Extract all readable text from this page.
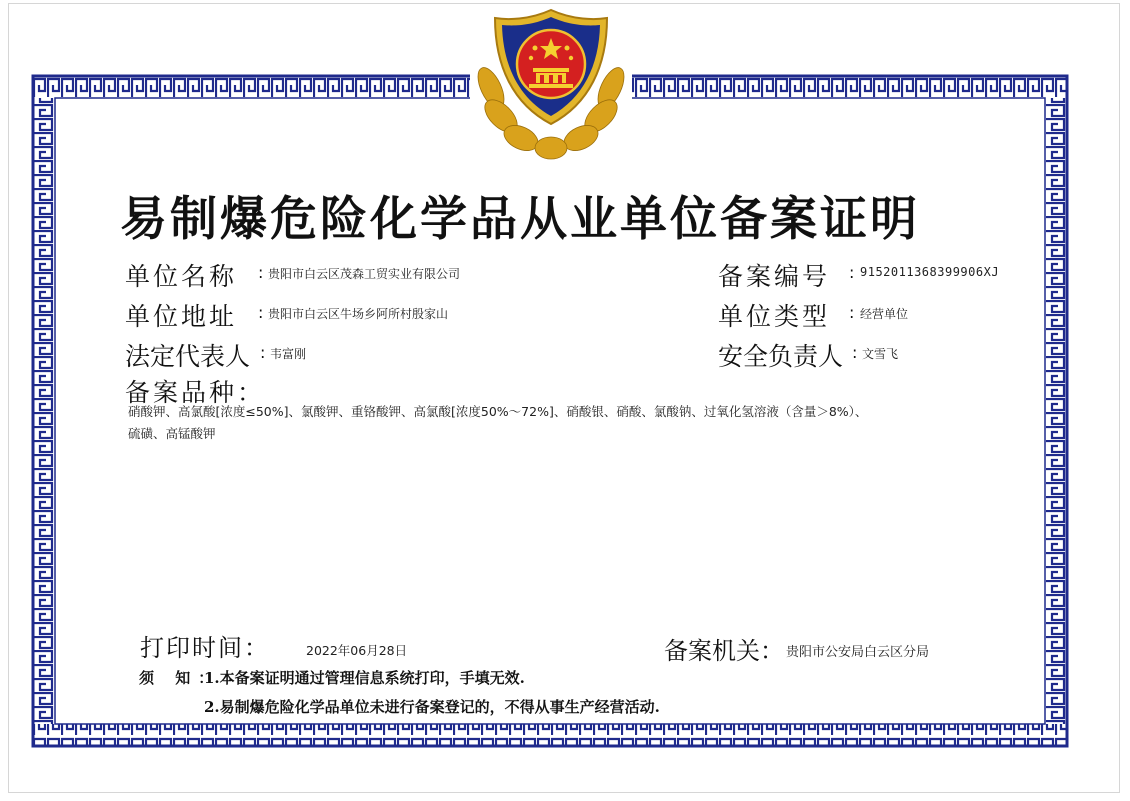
易制爆危险化学品从业单位备案证明
单位名称 : 贵阳市白云区茂森工贸实业有限公司	备案编号 : 9152011368399906XJ
单位地址 : 贵阳市白云区牛场乡阿所村殷家山	单位类型 : 经营单位
法定代表人 : 韦富刚	安全负责人 : 文雪飞
备案品种：
硝酸钾、高氯酸[浓度≤50%]、氯酸钾、重铬酸钾、高氯酸[浓度50%～72%]、硝酸银、硝酸、氯酸钠、过氧化氢溶液（含量＞8%）、
硫磺、高锰酸钾
打印时间：	2022年06月28日	备案机关： 贵阳市公安局白云区分局
须 知：
1.本备案证明通过管理信息系统打印，手填无效.
2.易制爆危险化学品单位未进行备案登记的，不得从事生产经营活动.
